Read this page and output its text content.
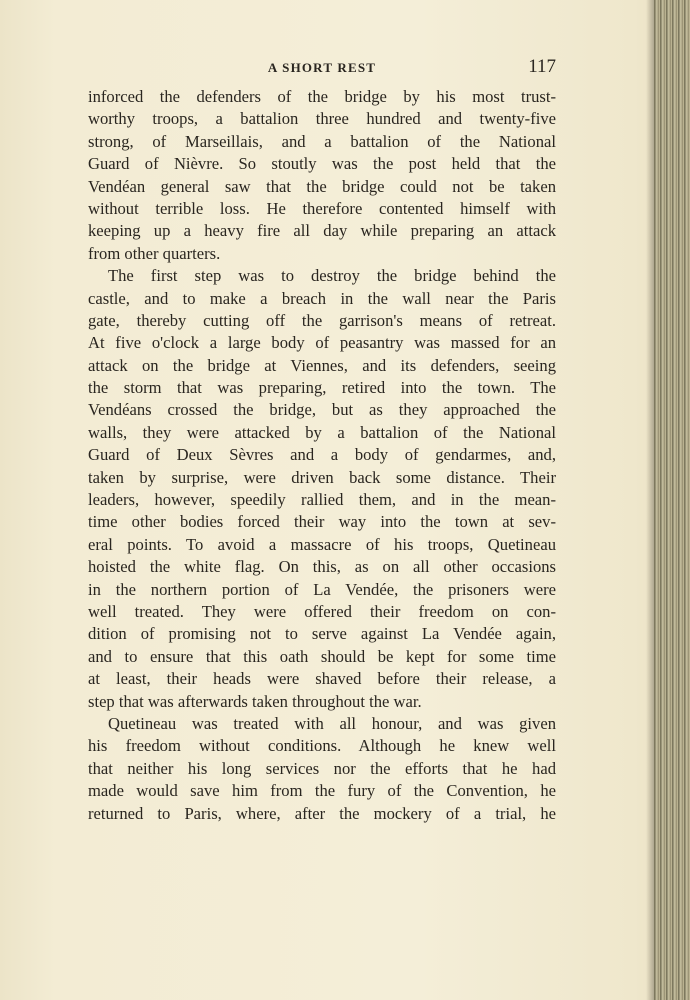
A SHORT REST	117
inforced the defenders of the bridge by his most trust-
worthy troops, a battalion three hundred and twenty-five
strong, of Marseillais, and a battalion of the National
Guard of Nièvre. So stoutly was the post held that the
Vendéan general saw that the bridge could not be taken
without terrible loss. He therefore contented himself with
keeping up a heavy fire all day while preparing an attack
from other quarters.
The first step was to destroy the bridge behind the
castle, and to make a breach in the wall near the Paris
gate, thereby cutting off the garrison's means of retreat.
At five o'clock a large body of peasantry was massed for an
attack on the bridge at Viennes, and its defenders, seeing
the storm that was preparing, retired into the town. The
Vendéans crossed the bridge, but as they approached the
walls, they were attacked by a battalion of the National
Guard of Deux Sèvres and a body of gendarmes, and,
taken by surprise, were driven back some distance. Their
leaders, however, speedily rallied them, and in the mean-
time other bodies forced their way into the town at sev-
eral points. To avoid a massacre of his troops, Quetineau
hoisted the white flag. On this, as on all other occasions
in the northern portion of La Vendée, the prisoners were
well treated. They were offered their freedom on con-
dition of promising not to serve against La Vendée again,
and to ensure that this oath should be kept for some time
at least, their heads were shaved before their release, a
step that was afterwards taken throughout the war.
Quetineau was treated with all honour, and was given
his freedom without conditions. Although he knew well
that neither his long services nor the efforts that he had
made would save him from the fury of the Convention, he
returned to Paris, where, after the mockery of a trial, he
